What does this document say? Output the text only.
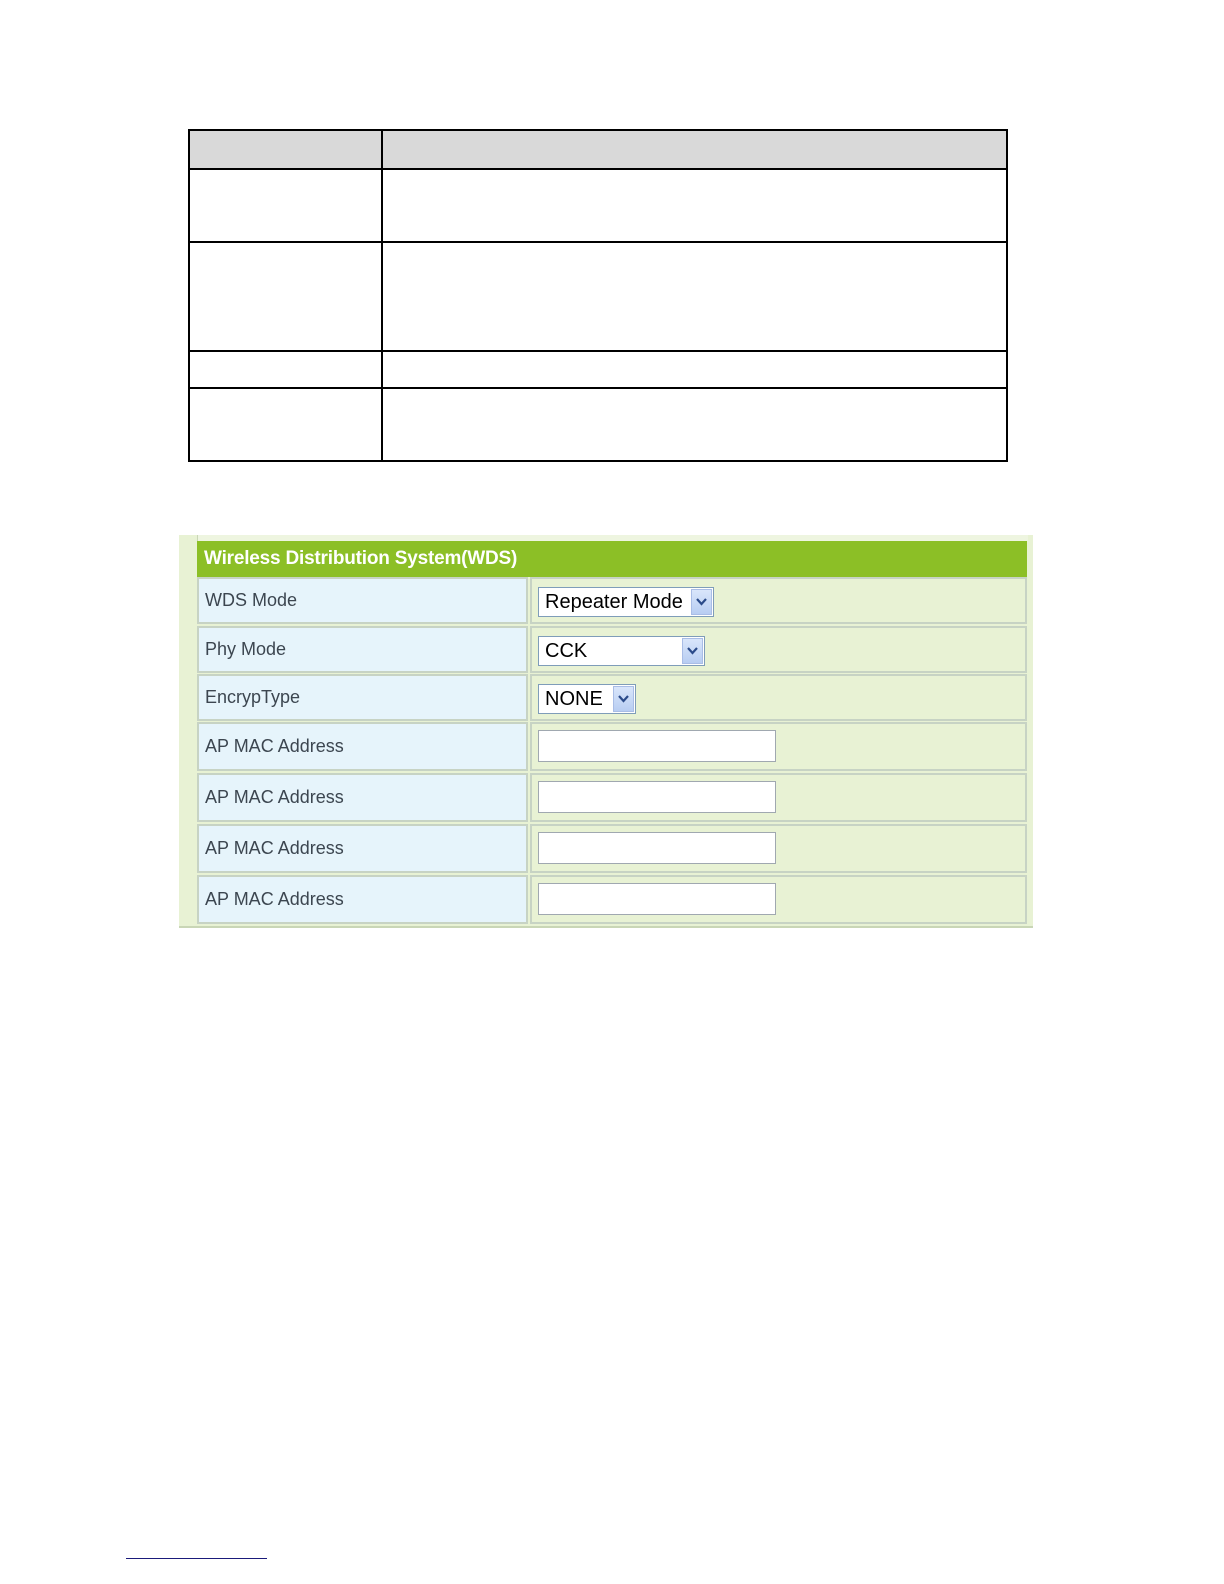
Wireless Distribution System(WDS)
WDS Mode	Repeater Mode
Phy Mode	CCK
EncrypType	NONE
AP MAC Address
AP MAC Address
AP MAC Address
AP MAC Address
